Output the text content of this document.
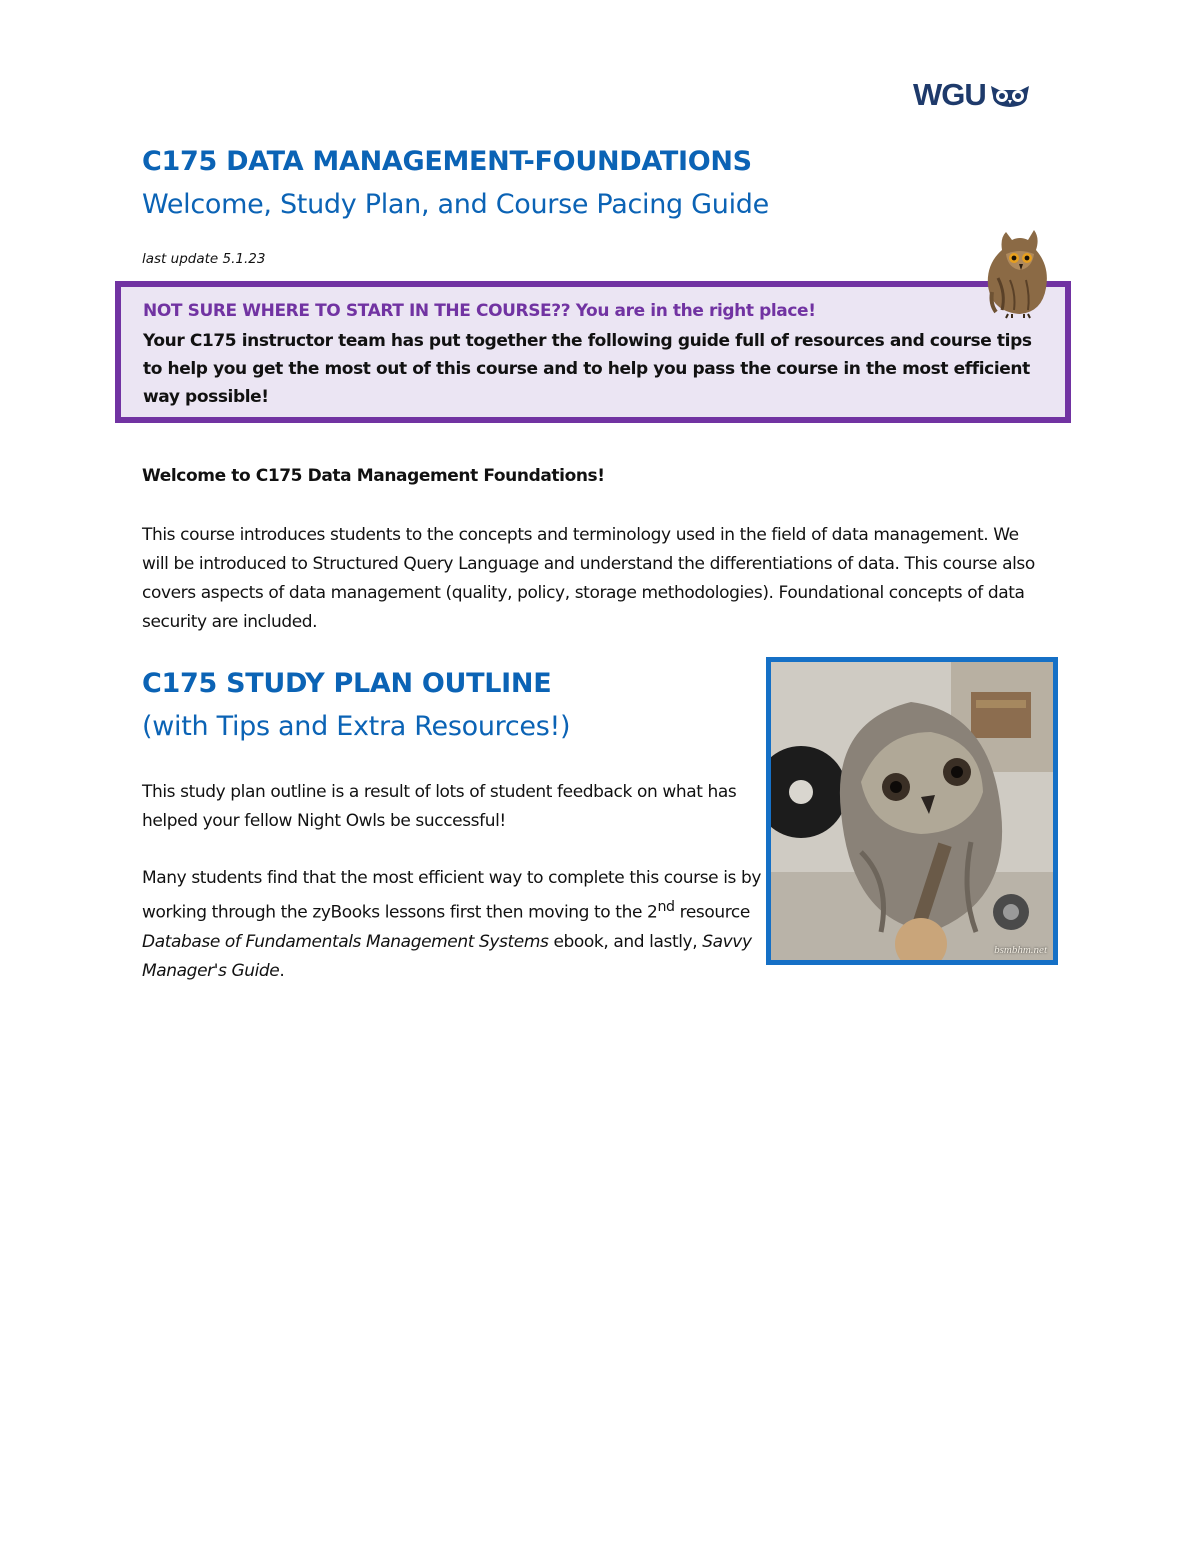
WGU
C175 DATA MANAGEMENT-FOUNDATIONS
Welcome, Study Plan, and Course Pacing Guide
last update 5.1.23
NOT SURE WHERE TO START IN THE COURSE?? You are in the right place!
Your C175 instructor team has put together the following guide full of resources and course tips to help you get the most out of this course and to help you pass the course in the most efficient way possible!
Welcome to C175 Data Management Foundations!
This course introduces students to the concepts and terminology used in the field of data management. We will be introduced to Structured Query Language and understand the differentiations of data. This course also covers aspects of data management (quality, policy, storage methodologies). Foundational concepts of data security are included.
C175 STUDY PLAN OUTLINE
(with Tips and Extra Resources!)
This study plan outline is a result of lots of student feedback on what has helped your fellow Night Owls be successful!
Many students find that the most efficient way to complete this course is by working through the zyBooks lessons first then moving to the 2nd resource Database of Fundamentals Management Systems ebook, and lastly, Savvy Manager's Guide.
bsmbhm.net
